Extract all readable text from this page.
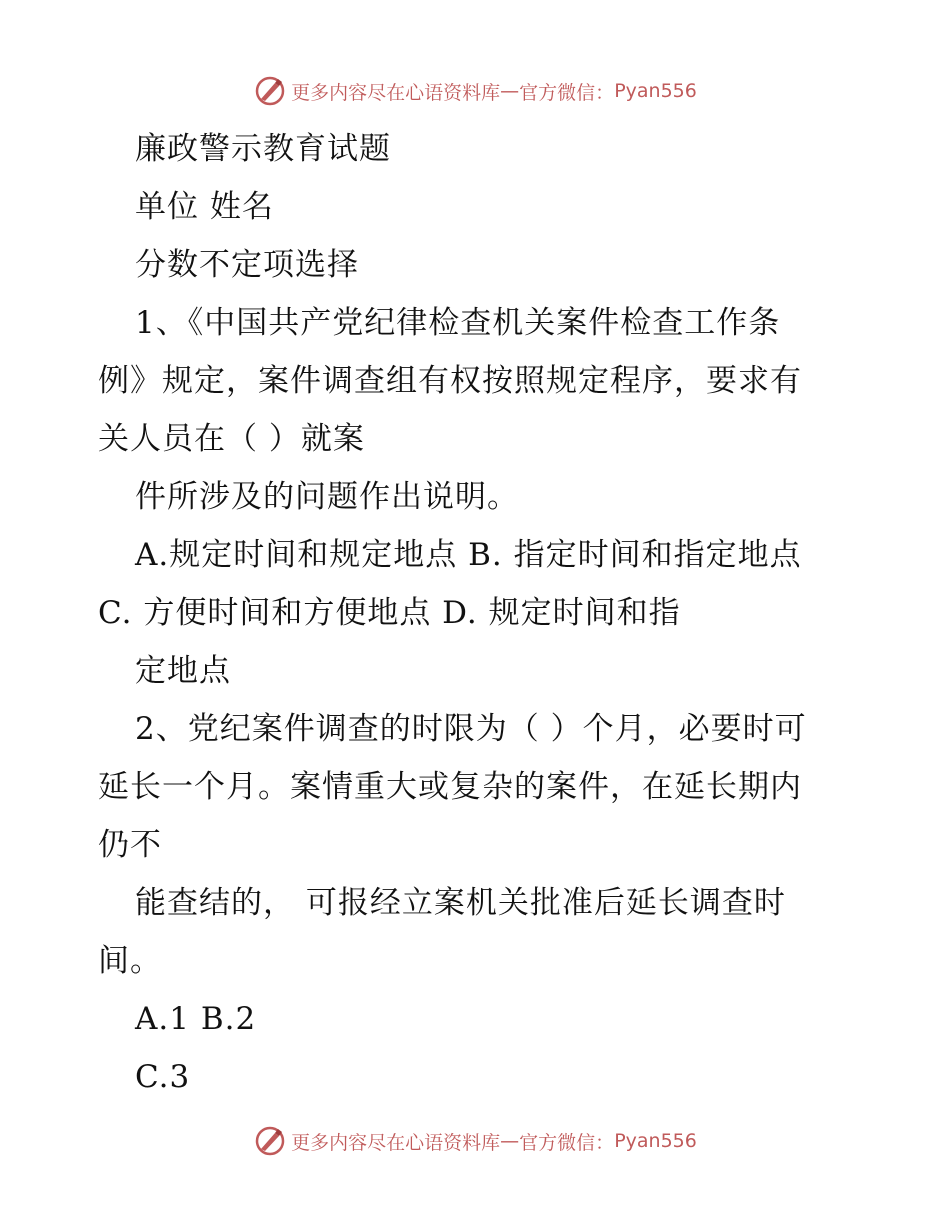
更多内容尽在心语资料库 — 官方微信： Pyan556
廉政警示教育试题
单位 姓名
分数不定项选择
1、《中国共产党纪律检查机关案件检查工作条
例》规定，案件调查组有权按照规定程序，要求有
关人员在（ ）就案
件所涉及的问题作出说明。
A.规定时间和规定地点 B. 指定时间和指定地点
C. 方便时间和方便地点 D. 规定时间和指
定地点
2、党纪案件调查的时限为（ ）个月，必要时可
延长一个月。案情重大或复杂的案件，在延长期内
仍不
能查结的， 可报经立案机关批准后延长调查时
间。
A.1 B.2
C.3
更多内容尽在心语资料库 — 官方微信： Pyan556
